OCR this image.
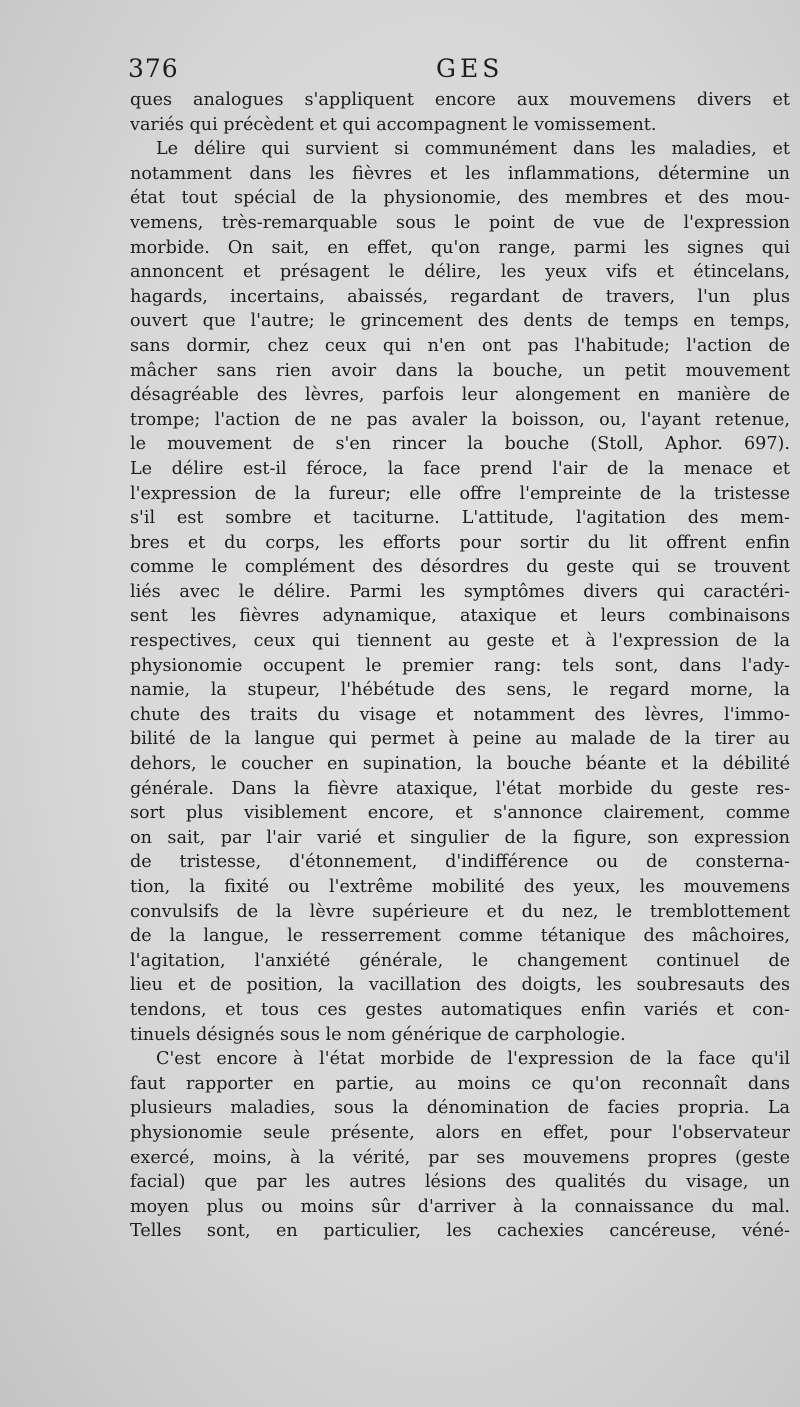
376	GES
ques analogues s'appliquent encore aux mouvemens divers et
variés qui précèdent et qui accompagnent le vomissement.
Le délire qui survient si communément dans les maladies, et
notamment dans les fièvres et les inflammations, détermine un
état tout spécial de la physionomie, des membres et des mou-
vemens, très-remarquable sous le point de vue de l'expression
morbide. On sait, en effet, qu'on range, parmi les signes qui
annoncent et présagent le délire, les yeux vifs et étincelans,
hagards, incertains, abaissés, regardant de travers, l'un plus
ouvert que l'autre; le grincement des dents de temps en temps,
sans dormir, chez ceux qui n'en ont pas l'habitude; l'action de
mâcher sans rien avoir dans la bouche, un petit mouvement
désagréable des lèvres, parfois leur alongement en manière de
trompe; l'action de ne pas avaler la boisson, ou, l'ayant retenue,
le mouvement de s'en rincer la bouche (Stoll, Aphor. 697).
Le délire est-il féroce, la face prend l'air de la menace et
l'expression de la fureur; elle offre l'empreinte de la tristesse
s'il est sombre et taciturne. L'attitude, l'agitation des mem-
bres et du corps, les efforts pour sortir du lit offrent enfin
comme le complément des désordres du geste qui se trouvent
liés avec le délire. Parmi les symptômes divers qui caractéri-
sent les fièvres adynamique, ataxique et leurs combinaisons
respectives, ceux qui tiennent au geste et à l'expression de la
physionomie occupent le premier rang: tels sont, dans l'ady-
namie, la stupeur, l'hébétude des sens, le regard morne, la
chute des traits du visage et notamment des lèvres, l'immo-
bilité de la langue qui permet à peine au malade de la tirer au
dehors, le coucher en supination, la bouche béante et la débilité
générale. Dans la fièvre ataxique, l'état morbide du geste res-
sort plus visiblement encore, et s'annonce clairement, comme
on sait, par l'air varié et singulier de la figure, son expression
de tristesse, d'étonnement, d'indifférence ou de consterna-
tion, la fixité ou l'extrême mobilité des yeux, les mouvemens
convulsifs de la lèvre supérieure et du nez, le tremblottement
de la langue, le resserrement comme tétanique des mâchoires,
l'agitation, l'anxiété générale, le changement continuel de
lieu et de position, la vacillation des doigts, les soubresauts des
tendons, et tous ces gestes automatiques enfin variés et con-
tinuels désignés sous le nom générique de carphologie.
C'est encore à l'état morbide de l'expression de la face qu'il
faut rapporter en partie, au moins ce qu'on reconnaît dans
plusieurs maladies, sous la dénomination de facies propria. La
physionomie seule présente, alors en effet, pour l'observateur
exercé, moins, à la vérité, par ses mouvemens propres (geste
facial) que par les autres lésions des qualités du visage, un
moyen plus ou moins sûr d'arriver à la connaissance du mal.
Telles sont, en particulier, les cachexies cancéreuse, véné-
